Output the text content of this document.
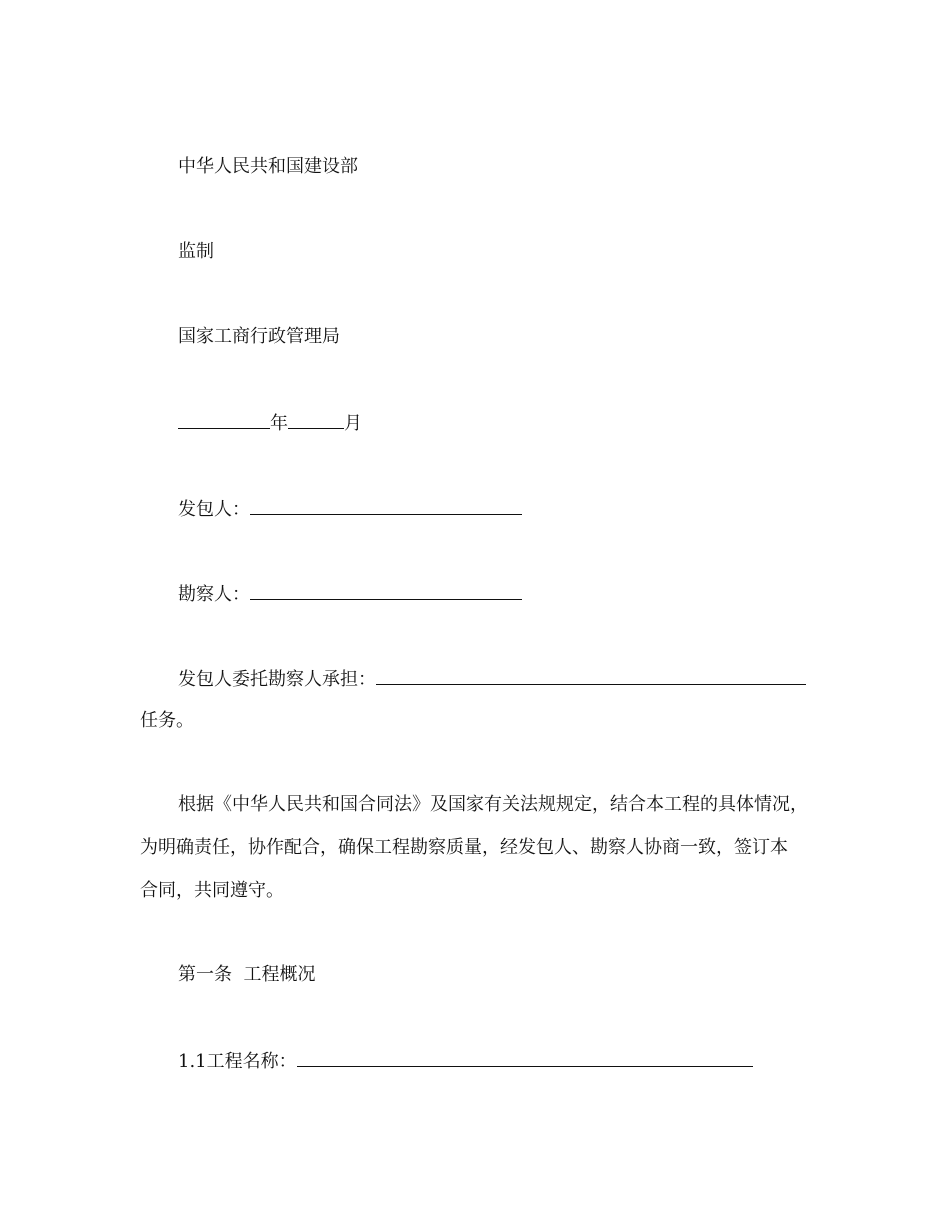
中华人民共和国建设部
监制
国家工商行政管理局
年	月
发包人：
勘察人：
发包人委托勘察人承担：
任务。
根据《中华人民共和国合同法》及国家有关法规规定，结合本工程的具体情况，
为明确责任，协作配合，确保工程勘察质量，经发包人、勘察人协商一致，签订本
合同，共同遵守。
第一条  工程概况
1.1工程名称：
